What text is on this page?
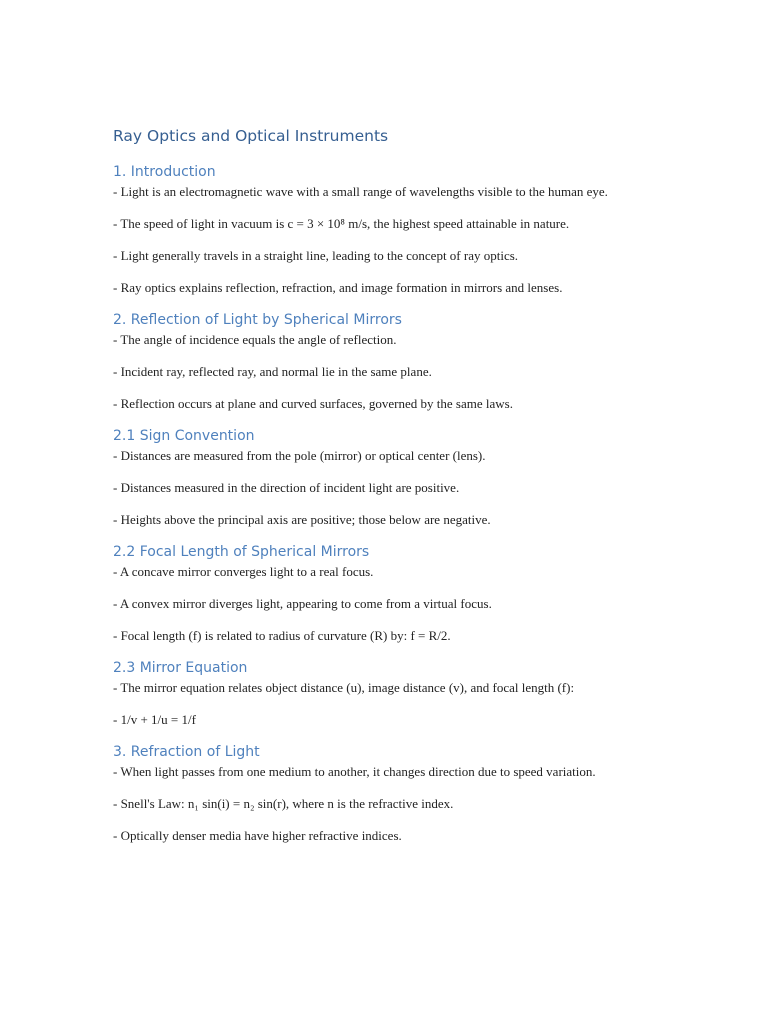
Ray Optics and Optical Instruments
1. Introduction

- Light is an electromagnetic wave with a small range of wavelengths visible to the human eye.

- The speed of light in vacuum is c = 3 × 10⁸ m/s, the highest speed attainable in nature.

- Light generally travels in a straight line, leading to the concept of ray optics.

- Ray optics explains reflection, refraction, and image formation in mirrors and lenses.

2. Reflection of Light by Spherical Mirrors

- The angle of incidence equals the angle of reflection.

- Incident ray, reflected ray, and normal lie in the same plane.

- Reflection occurs at plane and curved surfaces, governed by the same laws.

2.1 Sign Convention

- Distances are measured from the pole (mirror) or optical center (lens).

- Distances measured in the direction of incident light are positive.

- Heights above the principal axis are positive; those below are negative.

2.2 Focal Length of Spherical Mirrors

- A concave mirror converges light to a real focus.

- A convex mirror diverges light, appearing to come from a virtual focus.

- Focal length (f) is related to radius of curvature (R) by: f = R/2.

2.3 Mirror Equation

- The mirror equation relates object distance (u), image distance (v), and focal length (f):

- 1/v + 1/u = 1/f

3. Refraction of Light

- When light passes from one medium to another, it changes direction due to speed variation.

- Snell's Law: n₁ sin(i) = n₂ sin(r), where n is the refractive index.

- Optically denser media have higher refractive indices.
